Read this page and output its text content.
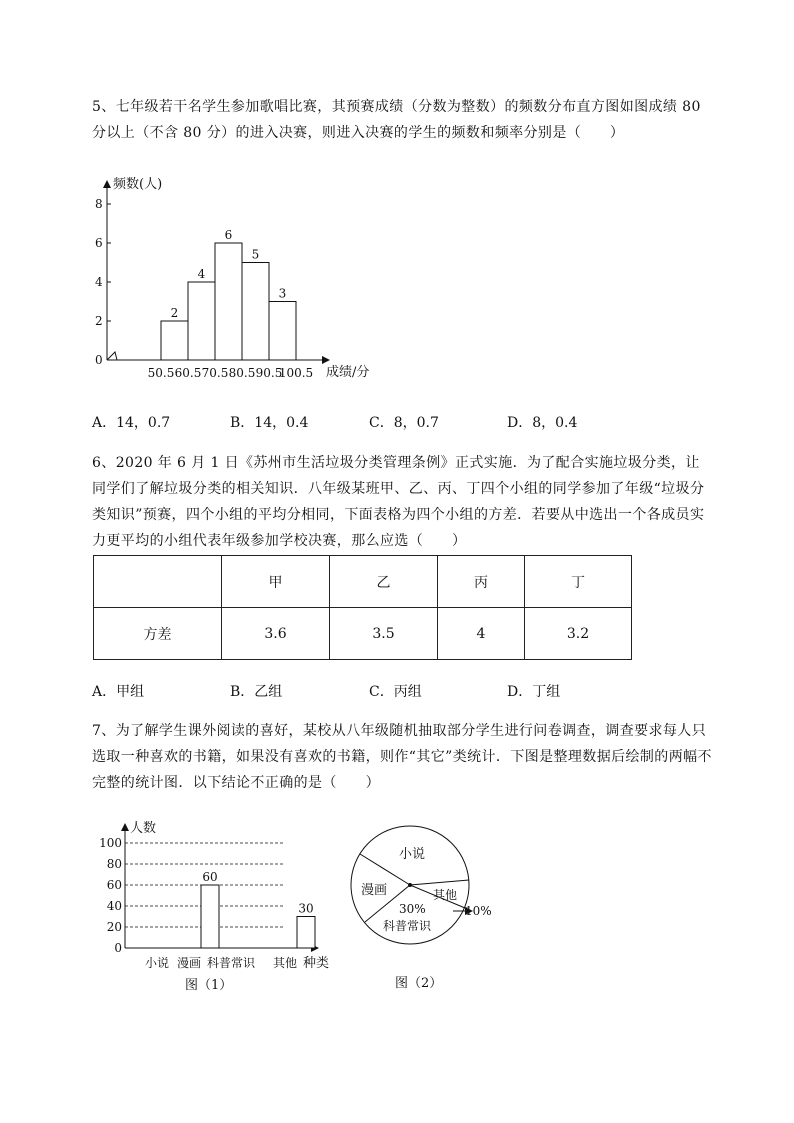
5、七年级若干名学生参加歌唱比赛，其预赛成绩（分数为整数）的频数分布直方图如图成绩 80 分以上（不含 80 分）的进入决赛，则进入决赛的学生的频数和频率分别是（　　）
0
2
4
6
8
2
4
6
5
3
50.5 60.5 70.5 80.5 90.5
100.5
频数(人)
成绩/分
A．14，0.7	B．14，0.4	C．8，0.7	D．8，0.4
6、2020 年 6 月 1 日《苏州市生活垃圾分类管理条例》正式实施．为了配合实施垃圾分类，让同学们了解垃圾分类的相关知识．八年级某班甲、乙、丙、丁四个小组的同学参加了年级“垃圾分类知识”预赛，四个小组的平均分相同，下面表格为四个小组的方差．若要从中选出一个各成员实力更平均的小组代表年级参加学校决赛，那么应选（　　）
	甲	乙	丙	丁
方差	3.6	3.5	4	3.2
A．甲组	B．乙组	C．丙组	D．丁组
7、为了解学生课外阅读的喜好，某校从八年级随机抽取部分学生进行问卷调查，调查要求每人只选取一种喜欢的书籍，如果没有喜欢的书籍，则作“其它”类统计．下图是整理数据后绘制的两幅不完整的统计图．以下结论不正确的是（　　）
0
20
40
60
80
100
60
30
小说 漫画 科普常识 其他
人数
种类
图（1）
小说
漫画
科普常识
其他
30%	10%
图（2）
